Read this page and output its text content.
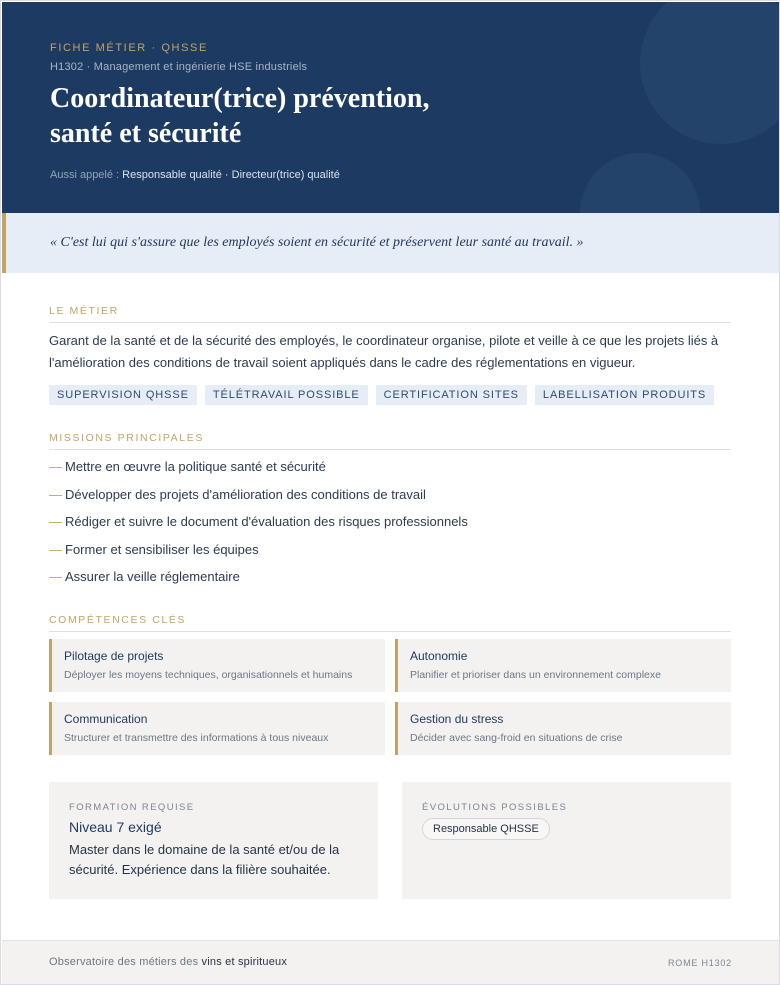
FICHE MÉTIER · QHSSE
H1302 · Management et ingénierie HSE industriels
Coordinateur(trice) prévention,
santé et sécurité
Aussi appelé : Responsable qualité · Directeur(trice) qualité
« C'est lui qui s'assure que les employés soient en sécurité et préservent leur santé au travail. »
LE MÉTIER

Garant de la santé et de la sécurité des employés, le coordinateur organise, pilote et veille à ce que les projets liés à l'amélioration des conditions de travail soient appliqués dans le cadre des réglementations en vigueur.

SUPERVISION QHSSE	TÉLÉTRAVAIL POSSIBLE	CERTIFICATION SITES	LABELLISATION PRODUITS
MISSIONS PRINCIPALES
— Mettre en œuvre la politique santé et sécurité
— Développer des projets d'amélioration des conditions de travail
— Rédiger et suivre le document d'évaluation des risques professionnels
— Former et sensibiliser les équipes
— Assurer la veille réglementaire
COMPÉTENCES CLÉS
Pilotage de projets
Déployer les moyens techniques, organisationnels et humains
Autonomie
Planifier et prioriser dans un environnement complexe
Communication
Structurer et transmettre des informations à tous niveaux
Gestion du stress
Décider avec sang-froid en situations de crise
FORMATION REQUISE
Niveau 7 exigé
Master dans le domaine de la santé et/ou de la sécurité. Expérience dans la filière souhaitée.
ÉVOLUTIONS POSSIBLES
Responsable QHSSE
Observatoire des métiers des vins et spiritueux	ROME H1302
